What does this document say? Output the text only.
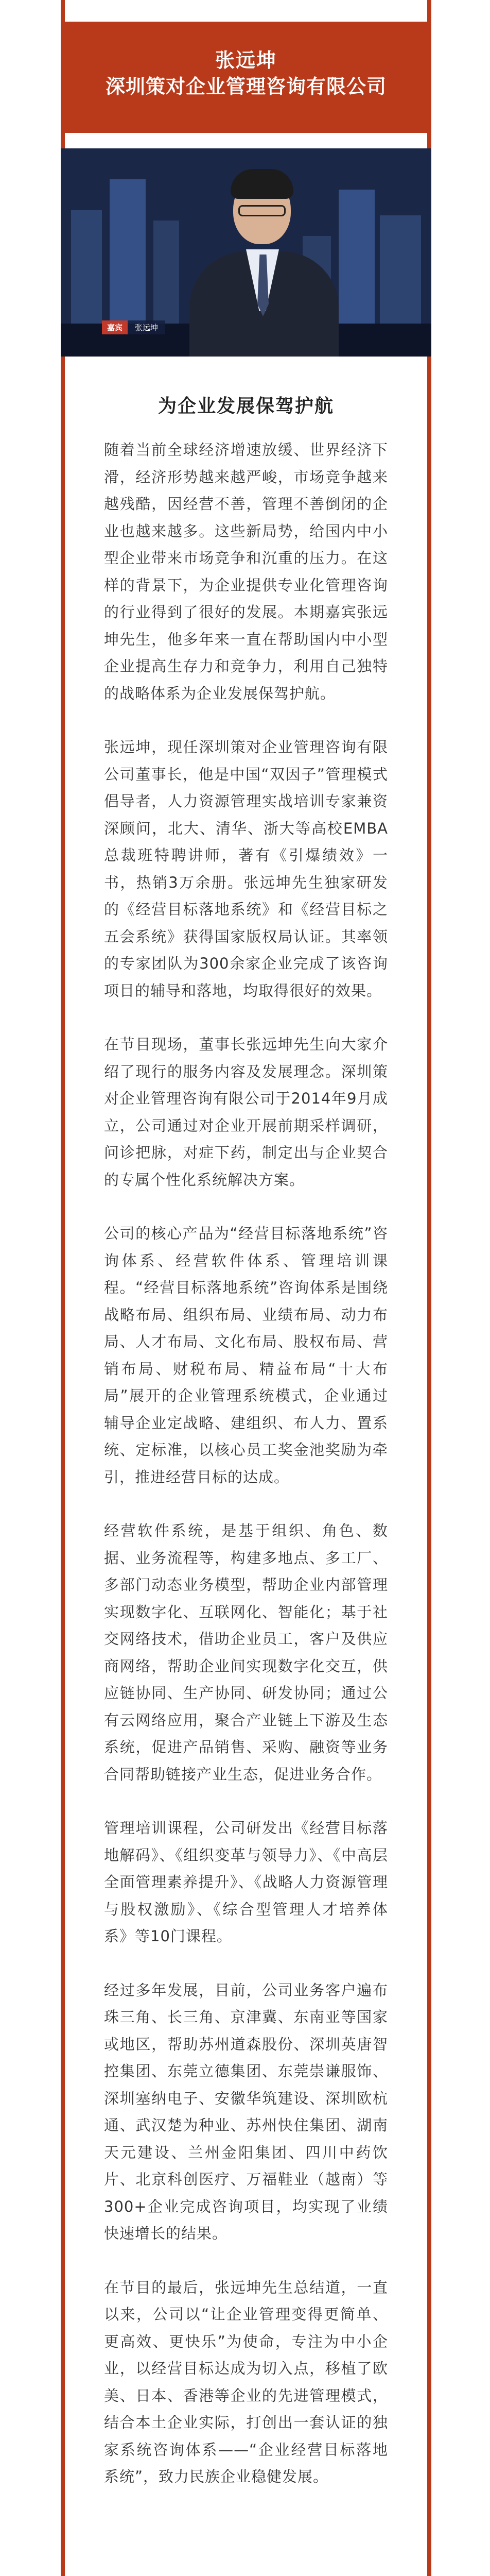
张远坤
深圳策对企业管理咨询有限公司
嘉宾	张远坤
为企业发展保驾护航

随着当前全球经济增速放缓、世界经济下滑，经济形势越来越严峻，市场竞争越来越残酷，因经营不善，管理不善倒闭的企业也越来越多。这些新局势，给国内中小型企业带来市场竞争和沉重的压力。在这样的背景下，为企业提供专业化管理咨询的行业得到了很好的发展。本期嘉宾张远坤先生，他多年来一直在帮助国内中小型企业提高生存力和竞争力，利用自己独特的战略体系为企业发展保驾护航。

张远坤，现任深圳策对企业管理咨询有限公司董事长，他是中国“双因子”管理模式倡导者，人力资源管理实战培训专家兼资深顾问，北大、清华、浙大等高校EMBA总裁班特聘讲师，著有《引爆绩效》一书，热销3万余册。张远坤先生独家研发的《经营目标落地系统》和《经营目标之五会系统》获得国家版权局认证。其率领的专家团队为300余家企业完成了该咨询项目的辅导和落地，均取得很好的效果。

在节目现场，董事长张远坤先生向大家介绍了现行的服务内容及发展理念。深圳策对企业管理咨询有限公司于2014年9月成立，公司通过对企业开展前期采样调研，问诊把脉，对症下药，制定出与企业契合的专属个性化系统解决方案。

公司的核心产品为“经营目标落地系统”咨询体系、经营软件体系、管理培训课程。“经营目标落地系统”咨询体系是围绕战略布局、组织布局、业绩布局、动力布局、人才布局、文化布局、股权布局、营销布局、财税布局、精益布局“十大布局”展开的企业管理系统模式，企业通过辅导企业定战略、建组织、布人力、置系统、定标准，以核心员工奖金池奖励为牵引，推进经营目标的达成。

经营软件系统，是基于组织、角色、数据、业务流程等，构建多地点、多工厂、多部门动态业务模型，帮助企业内部管理实现数字化、互联网化、智能化；基于社交网络技术，借助企业员工，客户及供应商网络，帮助企业间实现数字化交互，供应链协同、生产协同、研发协同；通过公有云网络应用，聚合产业链上下游及生态系统，促进产品销售、采购、融资等业务合同帮助链接产业生态，促进业务合作。

管理培训课程，公司研发出《经营目标落地解码》、《组织变革与领导力》、《中高层全面管理素养提升》、《战略人力资源管理与股权激励》、《综合型管理人才培养体系》等10门课程。

经过多年发展，目前，公司业务客户遍布珠三角、长三角、京津冀、东南亚等国家或地区，帮助苏州道森股份、深圳英唐智控集团、东莞立德集团、东莞崇谦服饰、深圳塞纳电子、安徽华筑建设、深圳欧杭通、武汉楚为种业、苏州快住集团、湖南天元建设、兰州金阳集团、四川中药饮片、北京科创医疗、万福鞋业（越南）等300+企业完成咨询项目，均实现了业绩快速增长的结果。

在节目的最后，张远坤先生总结道，一直以来，公司以“让企业管理变得更简单、更高效、更快乐”为使命，专注为中小企业，以经营目标达成为切入点，移植了欧美、日本、香港等企业的先进管理模式，结合本土企业实际，打创出一套认证的独家系统咨询体系——“企业经营目标落地系统”，致力民族企业稳健发展。
